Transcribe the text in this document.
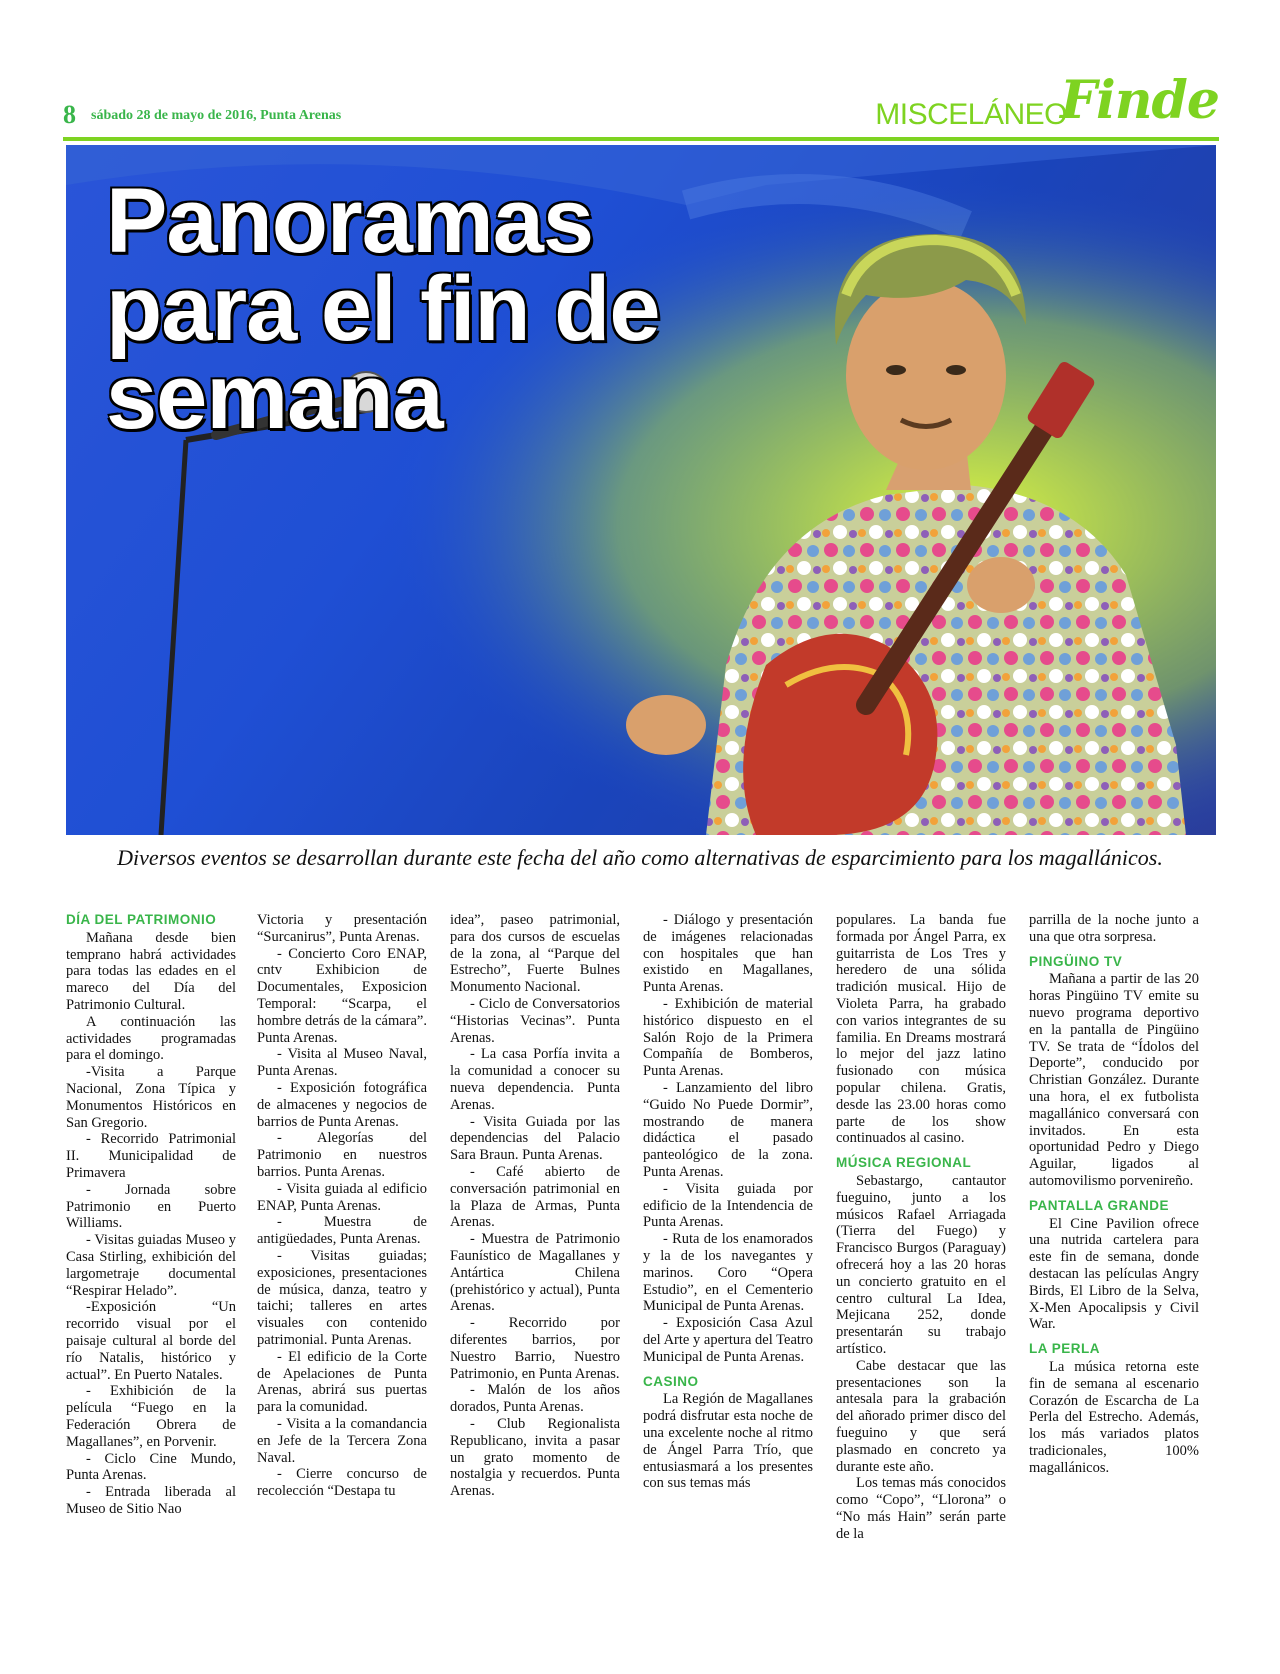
8 sábado 28 de mayo de 2016, Punta Arenas	MISCELÁNEO
Finde
Panoramas
para el fin de
semana

Diversos eventos se desarrollan durante este fecha del año como alternativas de esparcimiento para los magallánicos.

DÍA DEL PATRIMONIO

Mañana desde bien temprano habrá actividades para todas las edades en el mareco del Día del Patrimonio Cultural.

A continuación las actividades programadas para el domingo.

-Visita a Parque Nacional, Zona Típica y Monumentos Históricos en San Gregorio.

- Recorrido Patrimonial II. Municipalidad de Primavera

- Jornada sobre Patrimonio en Puerto Williams.

- Visitas guiadas Museo y Casa Stirling, exhibición del largometraje documental “Respirar Helado”.

-Exposición “Un recorrido visual por el paisaje cultural al borde del río Natalis, histórico y actual”. En Puerto Natales.

- Exhibición de la película “Fuego en la Federación Obrera de Magallanes”, en Porvenir.

- Ciclo Cine Mundo, Punta Arenas.

- Entrada liberada al Museo de Sitio Nao

Victoria y presentación “Surcanirus”, Punta Arenas.

- Concierto Coro ENAP, cntv Exhibicion de Documentales, Exposicion Temporal: “Scarpa, el hombre detrás de la cámara”. Punta Arenas.

- Visita al Museo Naval, Punta Arenas.

- Exposición fotográfica de almacenes y negocios de barrios de Punta Arenas.

- Alegorías del Patrimonio en nuestros barrios. Punta Arenas.

- Visita guiada al edificio ENAP, Punta Arenas.

- Muestra de antigüedades, Punta Arenas.

- Visitas guiadas; exposiciones, presentaciones de música, danza, teatro y taichi; talleres en artes visuales con contenido patrimonial. Punta Arenas.

- El edificio de la Corte de Apelaciones de Punta Arenas, abrirá sus puertas para la comunidad.

- Visita a la comandancia en Jefe de la Tercera Zona Naval.

- Cierre concurso de recolección “Destapa tu

idea”, paseo patrimonial, para dos cursos de escuelas de la zona, al “Parque del Estrecho”, Fuerte Bulnes Monumento Nacional.

- Ciclo de Conversatorios “Historias Vecinas”. Punta Arenas.

- La casa Porfía invita a la comunidad a conocer su nueva dependencia. Punta Arenas.

- Visita Guiada por las dependencias del Palacio Sara Braun. Punta Arenas.

- Café abierto de conversación patrimonial en la Plaza de Armas, Punta Arenas.

- Muestra de Patrimonio Faunístico de Magallanes y Antártica Chilena (prehistórico y actual), Punta Arenas.

- Recorrido por diferentes barrios, por Nuestro Barrio, Nuestro Patrimonio, en Punta Arenas.

- Malón de los años dorados, Punta Arenas.

- Club Regionalista Republicano, invita a pasar un grato momento de nostalgia y recuerdos. Punta Arenas.

- Diálogo y presentación de imágenes relacionadas con hospitales que han existido en Magallanes, Punta Arenas.

- Exhibición de material histórico dispuesto en el Salón Rojo de la Primera Compañía de Bomberos, Punta Arenas.

- Lanzamiento del libro “Guido No Puede Dormir”, mostrando de manera didáctica el pasado panteológico de la zona. Punta Arenas.

- Visita guiada por edificio de la Intendencia de Punta Arenas.

- Ruta de los enamorados y la de los navegantes y marinos. Coro “Opera Estudio”, en el Cementerio Municipal de Punta Arenas.

- Exposición Casa Azul del Arte y apertura del Teatro Municipal de Punta Arenas.

CASINO

La Región de Magallanes podrá disfrutar esta noche de una excelente noche al ritmo de Ángel Parra Trío, que entusiasmará a los presentes con sus temas más

populares. La banda fue formada por Ángel Parra, ex guitarrista de Los Tres y heredero de una sólida tradición musical. Hijo de Violeta Parra, ha grabado con varios integrantes de su familia. En Dreams mostrará lo mejor del jazz latino fusionado con música popular chilena. Gratis, desde las 23.00 horas como parte de los show continuados al casino.

MÚSICA REGIONAL

Sebastargo, cantautor fueguino, junto a los músicos Rafael Arriagada (Tierra del Fuego) y Francisco Burgos (Paraguay) ofrecerá hoy a las 20 horas un concierto gratuito en el centro cultural La Idea, Mejicana 252, donde presentarán su trabajo artístico.

Cabe destacar que las presentaciones son la antesala para la grabación del añorado primer disco del fueguino y que será plasmado en concreto ya durante este año.

Los temas más conocidos como “Copo”, “Llorona” o “No más Hain” serán parte de la

parrilla de la noche junto a una que otra sorpresa.

PINGÜINO TV

Mañana a partir de las 20 horas Pingüino TV emite su nuevo programa deportivo en la pantalla de Pingüino TV. Se trata de “Ídolos del Deporte”, conducido por Christian González. Durante una hora, el ex futbolista magallánico conversará con invitados. En esta oportunidad Pedro y Diego Aguilar, ligados al automovilismo porvenireño.

PANTALLA GRANDE

El Cine Pavilion ofrece una nutrida cartelera para este fin de semana, donde destacan las películas Angry Birds, El Libro de la Selva, X-Men Apocalipsis y Civil War.

LA PERLA

La música retorna este fin de semana al escenario Corazón de Escarcha de La Perla del Estrecho. Además, los más variados platos tradicionales, 100% magallánicos.
